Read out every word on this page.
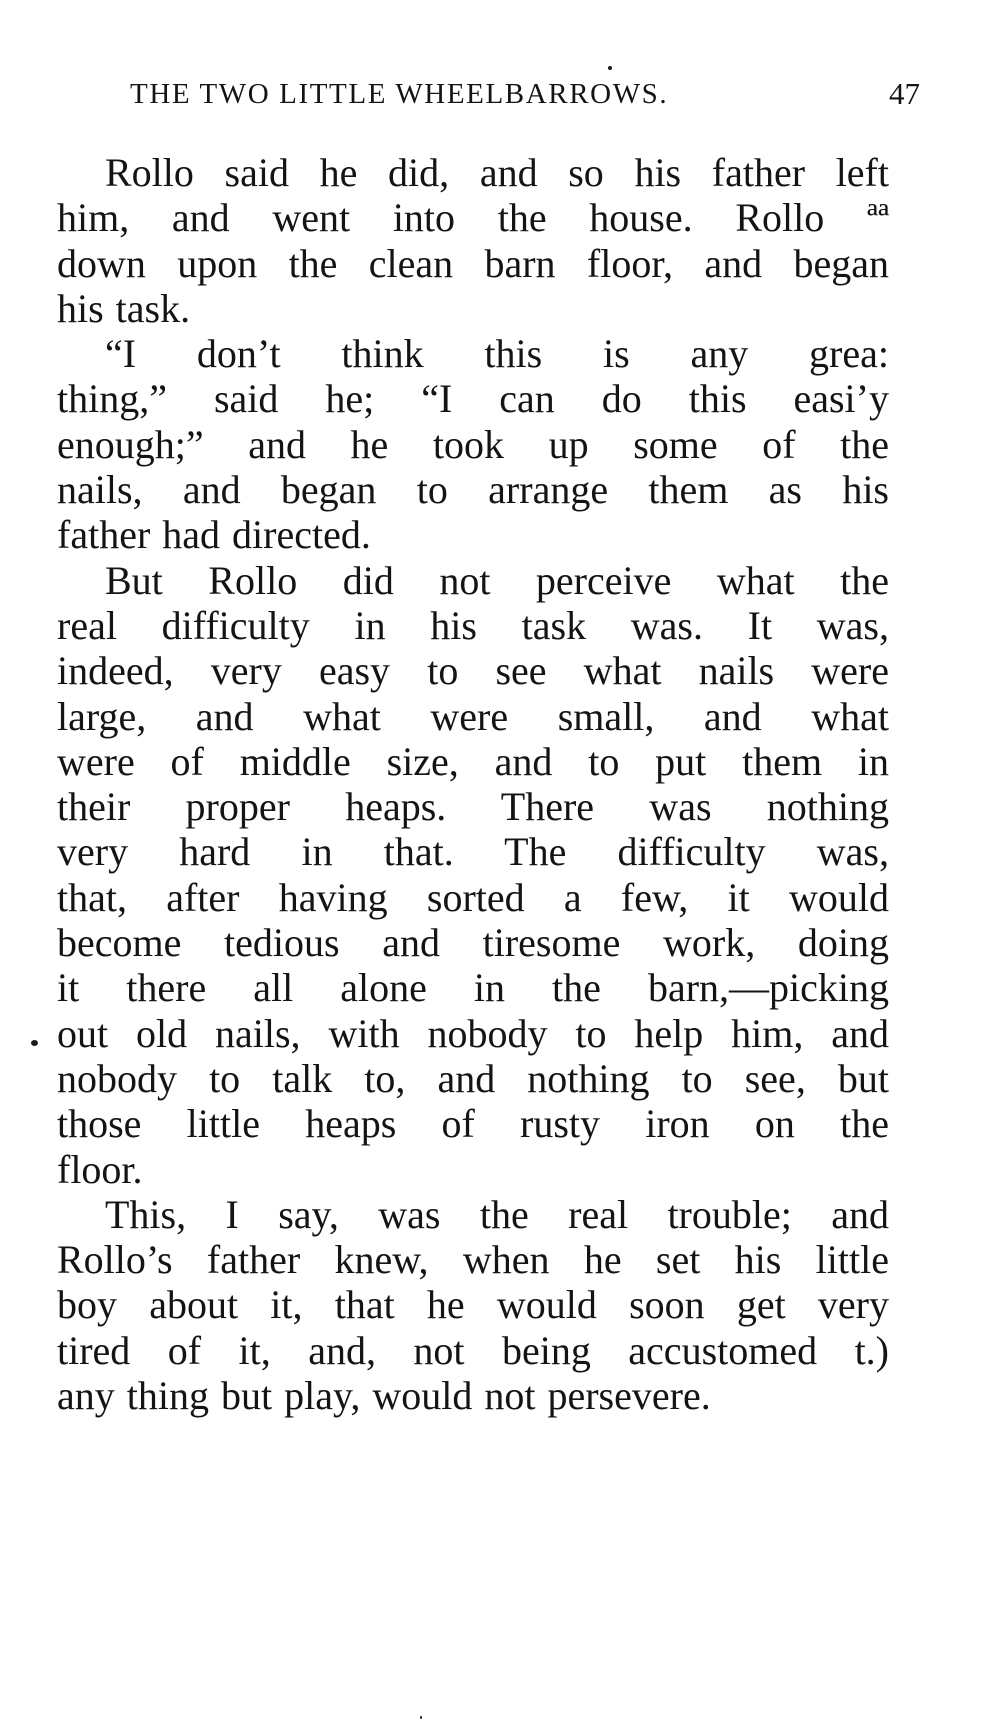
THE TWO LITTLE WHEELBARROWS.	47
Rollo said he did, and so his father left
him, and went into the house. Rollo ªª
down upon the clean barn floor, and began
his task.
“I don’t think this is any grea:
thing,” said he; “I can do this easi’y
enough;” and he took up some of the
nails, and began to arrange them as his
father had directed.
But Rollo did not perceive what the
real difficulty in his task was. It was,
indeed, very easy to see what nails were
large, and what were small, and what
were of middle size, and to put them in
their proper heaps. There was nothing
very hard in that. The difficulty was,
that, after having sorted a few, it would
become tedious and tiresome work, doing
it there all alone in the barn,—picking
out old nails, with nobody to help him, and
nobody to talk to, and nothing to see, but
those little heaps of rusty iron on the
floor.
This, I say, was the real trouble; and
Rollo’s father knew, when he set his little
boy about it, that he would soon get very
tired of it, and, not being accustomed t.)
any thing but play, would not persevere.
